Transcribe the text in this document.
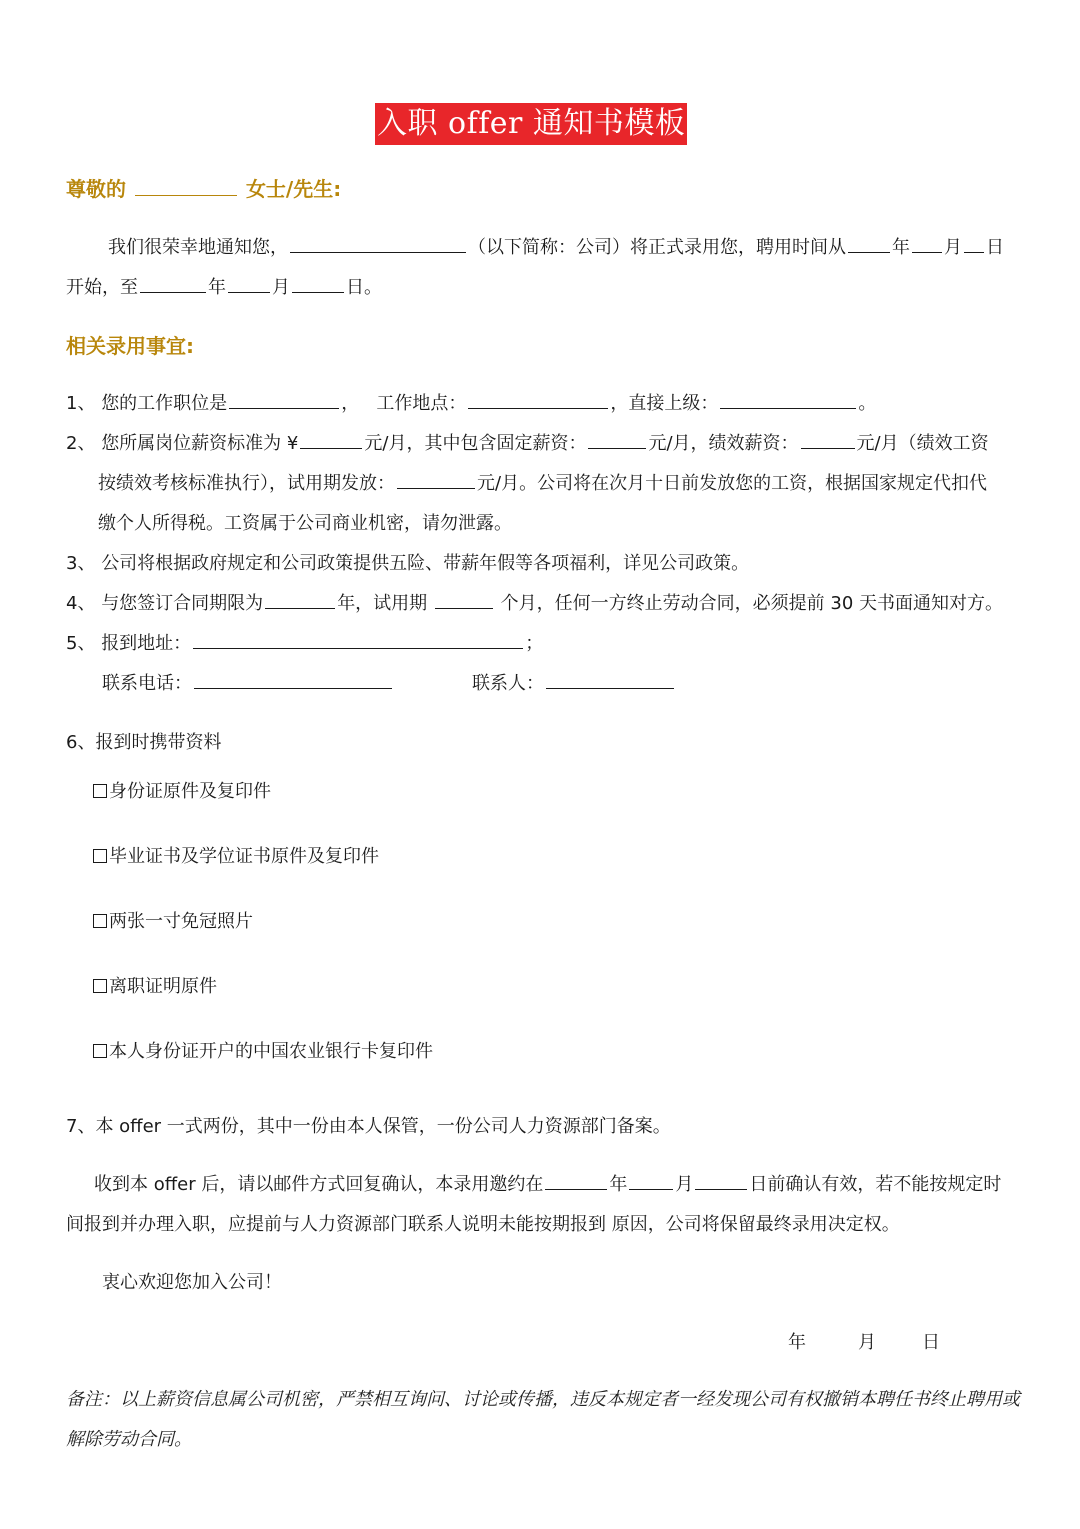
入职 offer 通知书模板
尊敬的	女士/先生:
我们很荣幸地通知您，	（以下简称：公司）将正式录用您，聘用时间从	年 月 日
开始，至	年	月	日。
相关录用事宜:
1、 您的工作职位是	， 工作地点：	，直接上级：	。
2、 您所属岗位薪资标准为 ¥	元/月，其中包含固定薪资：	元/月，绩效薪资：	元/月（绩效工资
按绩效考核标准执行），试用期发放：	元/月。公司将在次月十日前发放您的工资，根据国家规定代扣代
缴个人所得税。工资属于公司商业机密，请勿泄露。
3、 公司将根据政府规定和公司政策提供五险、带薪年假等各项福利，详见公司政策。
4、 与您签订合同期限为	年，试用期	个月，任何一方终止劳动合同，必须提前 30 天书面通知对方。
5、 报到地址：	；
联系电话：	联系人：
6、报到时携带资料
身份证原件及复印件
毕业证书及学位证书原件及复印件
两张一寸免冠照片
离职证明原件
本人身份证开户的中国农业银行卡复印件
7、本 offer 一式两份，其中一份由本人保管，一份公司人力资源部门备案。
收到本 offer 后，请以邮件方式回复确认，本录用邀约在	年	月	日前确认有效，若不能按规定时
间报到并办理入职，应提前与人力资源部门联系人说明未能按期报到 原因，公司将保留最终录用决定权。
衷心欢迎您加入公司！
年	月	日
备注：以上薪资信息属公司机密，严禁相互询问、讨论或传播，违反本规定者一经发现公司有权撤销本聘任书终止聘用或解除劳动合同。
